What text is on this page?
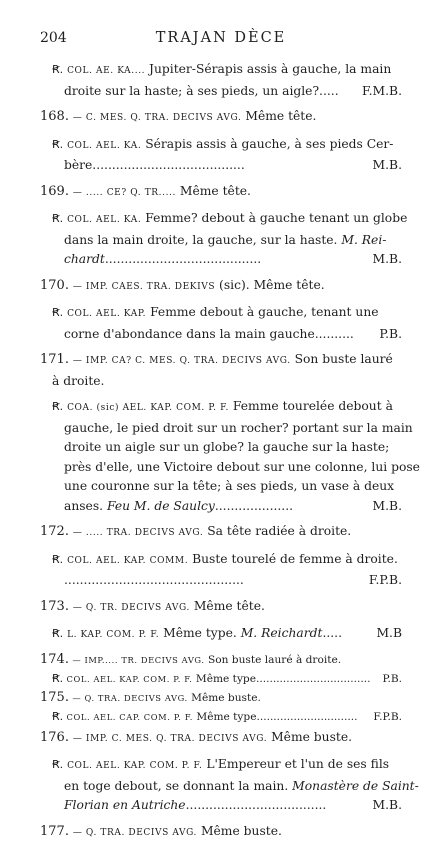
204	TRAJAN DÈCE
Ꞧ. COL. AE. KA.... Jupiter-Sérapis assis à gauche, la main
droite sur la haste; à ses pieds, un aigle?..... F.M.B.
168. — C. MES. Q. TRA. DECIVS AVG. Même tête.
Ꞧ. COL. AEL. KA. Sérapis assis à gauche, à ses pieds Cer-
bère.......................................	M.B.
169. — ..... CE? Q. TR..... Même tête.
Ꞧ. COL. AEL. KA. Femme? debout à gauche tenant un globe
dans la main droite, la gauche, sur la haste. M. Rei-
chardt........................................	M.B.
170. — IMP. CAES. TRA. DEKIVS (sic). Même tête.
Ꞧ. COL. AEL. KAP. Femme debout à gauche, tenant une
corne d'abondance dans la main gauche.......... P.B.
171. — IMP. CA? C. MES. Q. TRA. DECIVS AVG. Son buste lauré
à droite.
Ꞧ. COA. (sic) AEL. KAP. COM. P. F. Femme tourelée debout à
gauche, le pied droit sur un rocher? portant sur la main
droite un aigle sur un globe? la gauche sur la haste;
près d'elle, une Victoire debout sur une colonne, lui pose
une couronne sur la tête; à ses pieds, un vase à deux
anses. Feu M. de Saulcy....................	M.B.
172. — ..... TRA. DECIVS AVG. Sa tête radiée à droite.
Ꞧ. COL. AEL. KAP. COMM. Buste tourelé de femme à droite.
..............................................	F.P.B.
173. — Q. TR. DECIVS AVG. Même tête.
Ꞧ. L. KAP. COM. P. F. Même type. M. Reichardt.....	M.B
174. — IMP..... TR. DECIVS AVG. Son buste lauré à droite.
Ꞧ. COL. AEL. KAP. COM. P. F. Même type.................................. P.B.
175. — Q. TRA. DECIVS AVG. Même buste.
Ꞧ. COL. AEL. CAP. COM. P. F. Même type.............................. F.P.B.
176. — IMP. C. MES. Q. TRA. DECIVS AVG. Même buste.
Ꞧ. COL. AEL. KAP. COM. P. F. L'Empereur et l'un de ses fils
en toge debout, se donnant la main. Monastère de Saint-
Florian en Autriche....................................	M.B.
177. — Q. TRA. DECIVS AVG. Même buste.
